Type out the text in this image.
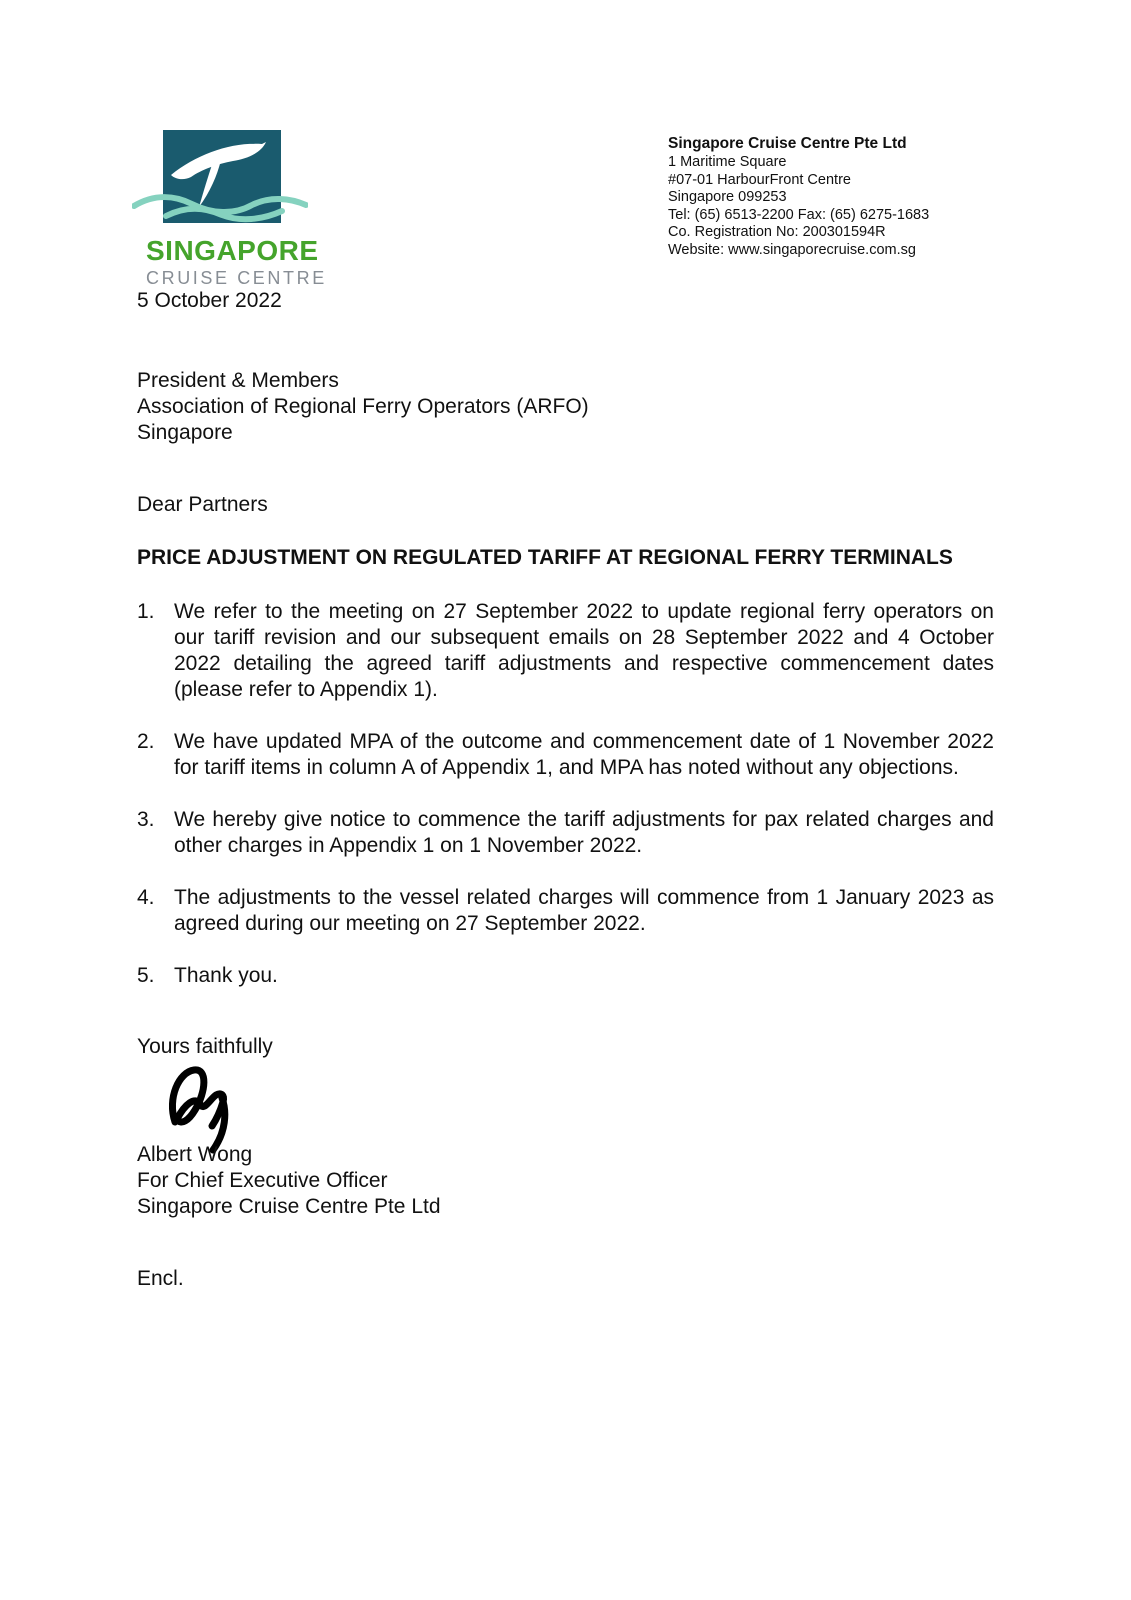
SINGAPORE
CRUISE CENTRE
Singapore Cruise Centre Pte Ltd
1 Maritime Square
#07-01 HarbourFront Centre
Singapore 099253
Tel: (65) 6513-2200 Fax: (65) 6275-1683
Co. Registration No: 200301594R
Website: www.singaporecruise.com.sg
5 October 2022
President & Members
Association of Regional Ferry Operators (ARFO)
Singapore
Dear Partners
PRICE ADJUSTMENT ON REGULATED TARIFF AT REGIONAL FERRY TERMINALS
1. We refer to the meeting on 27 September 2022 to update regional ferry operators on our tariff revision and our subsequent emails on 28 September 2022 and 4 October 2022 detailing the agreed tariff adjustments and respective commencement dates (please refer to Appendix 1).
2. We have updated MPA of the outcome and commencement date of 1 November 2022 for tariff items in column A of Appendix 1, and MPA has noted without any objections.
3. We hereby give notice to commence the tariff adjustments for pax related charges and other charges in Appendix 1 on 1 November 2022.
4. The adjustments to the vessel related charges will commence from 1 January 2023 as agreed during our meeting on 27 September 2022.
5. Thank you.
Yours faithfully
Albert Wong
For Chief Executive Officer
Singapore Cruise Centre Pte Ltd
Encl.
